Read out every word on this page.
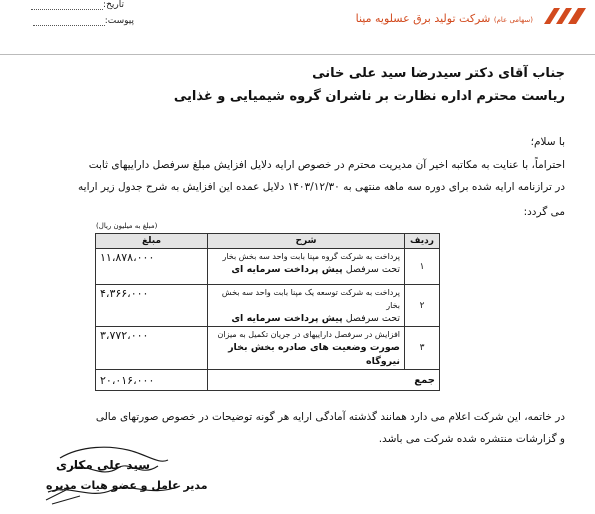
(سهامی عام) شرکت تولید برق عسلویه مپنا
تاریخ:
پیوست:
جناب آقای دکتر سیدرضا سید علی خانی
ریاست محترم اداره نظارت بر ناشران گروه شیمیایی و غذایی
با سلام؛
احتراماً، با عنایت به مکاتبه اخیر آن مدیریت محترم در خصوص ارایه دلایل افزایش مبلغ سرفصل داراییهای ثابت
در ترازنامه ارایه شده برای دوره سه ماهه منتهی به ۱۴۰۳/۱۲/۳۰ دلایل عمده این افزایش به شرح جدول زیر ارایه
می گردد:
(مبلغ به میلیون ریال)
ردیف	شرح	مبلغ
۱	پرداخت به شرکت گروه مپنا بابت واحد سه بخش بخار
تحت سرفصل پیش پرداخت سرمایه ای	۱۱،۸۷۸،۰۰۰
۲	پرداخت به شرکت توسعه یک مپنا بابت واحد سه بخش بخار
تحت سرفصل پیش پرداخت سرمایه ای	۴،۳۶۶،۰۰۰
۳	افزایش در سرفصل داراییهای در جریان تکمیل به میزان
صورت وضعیت های صادره بخش بخار نیروگاه	۳،۷۷۲،۰۰۰
جمع		۲۰،۰۱۶،۰۰۰
در خاتمه، این شرکت اعلام می دارد همانند گذشته آمادگی ارایه هر گونه توضیحات در خصوص صورتهای مالی
و گزارشات منتشره شده شرکت می باشد.
سید علی مکاری
مدیر عامل و عضو هیات مدیره
